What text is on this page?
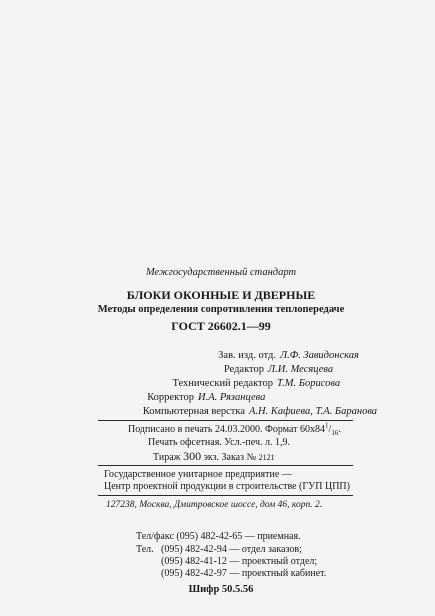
Межгосударственный стандарт
БЛОКИ ОКОННЫЕ И ДВЕРНЫЕ
Методы определения сопротивления теплопередаче
ГОСТ 26602.1—99
Зав. изд. отд. Л.Ф. Завидонская
Редактор Л.И. Месяцева
Технический редактор Т.М. Борисова
Корректор И.А. Рязанцева
Компьютерная верстка А.Н. Кафиева, Т.А. Баранова
Подписано в печать 24.03.2000. Формат $60х84^1/_{16}$.
Печать офсетная. Усл.-печ. л. 1,9.
Тираж 300 экз. Заказ № 2121
Государственное унитарное предприятие —
Центр проектной продукции в строительстве (ГУП ЦПП)
127238, Москва, Дмитровское шоссе, дом 46, корп. 2.
Тел/факс (095) 482-42-65 — приемная.
Тел. (095) 482-42-94 — отдел заказов;
(095) 482-41-12 — проектный отдел;
(095) 482-42-97 — проектный кабинет.
Шифр 50.5.56
